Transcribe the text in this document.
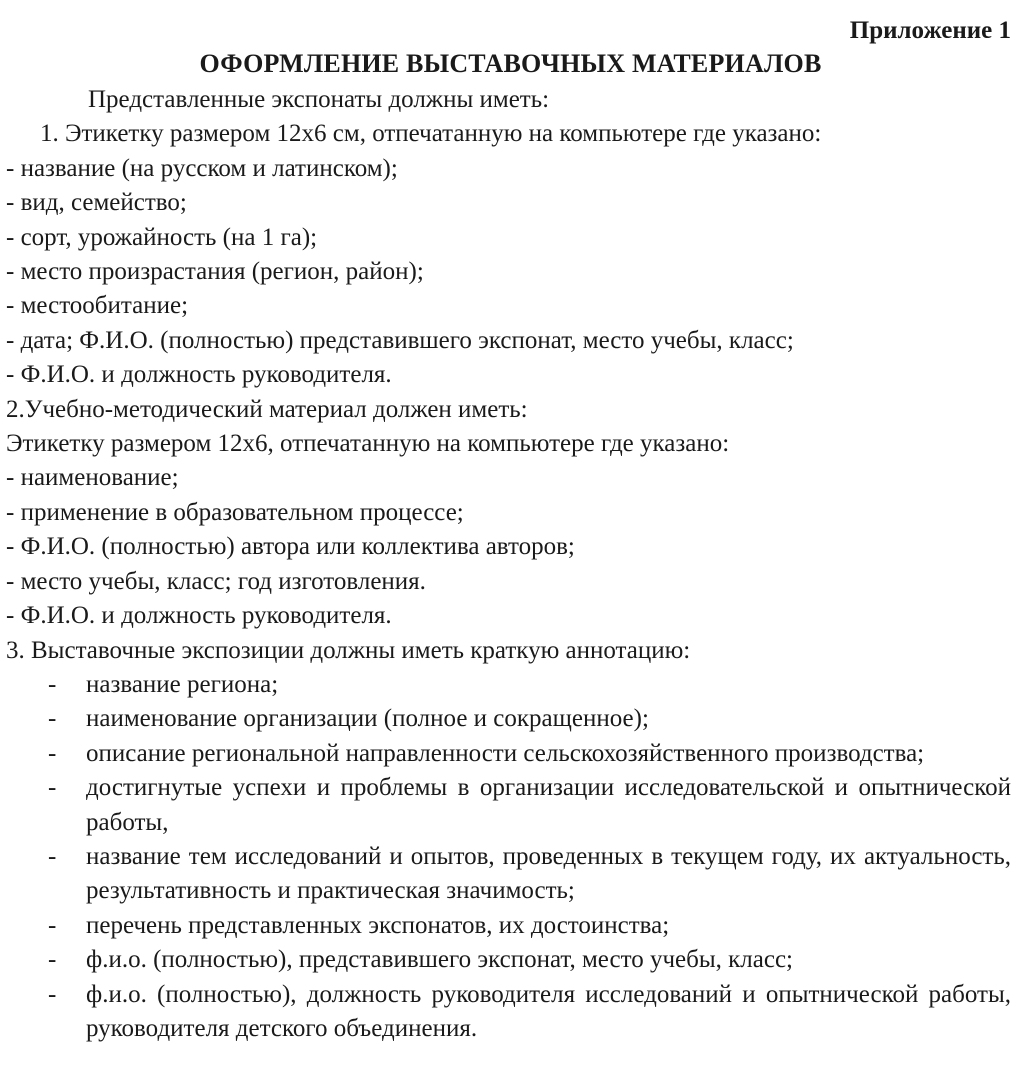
Приложение 1
ОФОРМЛЕНИЕ ВЫСТАВОЧНЫХ МАТЕРИАЛОВ
Представленные экспонаты должны иметь:
1. Этикетку размером 12х6 см, отпечатанную на компьютере где указано:
- название (на русском и латинском);
- вид, семейство;
- сорт, урожайность (на 1 га);
- место произрастания (регион, район);
- местообитание;
- дата; Ф.И.О. (полностью) представившего экспонат, место учебы, класс;
- Ф.И.О. и должность руководителя.
2.Учебно-методический материал должен иметь:
Этикетку размером 12х6, отпечатанную на компьютере где указано:
- наименование;
- применение в образовательном процессе;
- Ф.И.О. (полностью) автора или коллектива авторов;
- место учебы, класс; год изготовления.
- Ф.И.О. и должность руководителя.
3. Выставочные экспозиции должны иметь краткую аннотацию:
-	название региона;
-	наименование организации (полное и сокращенное);
-	описание региональной направленности сельскохозяйственного производства;
-	достигнутые успехи и проблемы в организации исследовательской и опытнической работы,
-	название тем исследований и опытов, проведенных в текущем году, их актуальность, результативность и практическая значимость;
-	перечень представленных экспонатов, их достоинства;
-	ф.и.о. (полностью), представившего экспонат, место учебы, класс;
-	ф.и.о. (полностью), должность руководителя исследований и опытнической работы, руководителя детского объединения.
